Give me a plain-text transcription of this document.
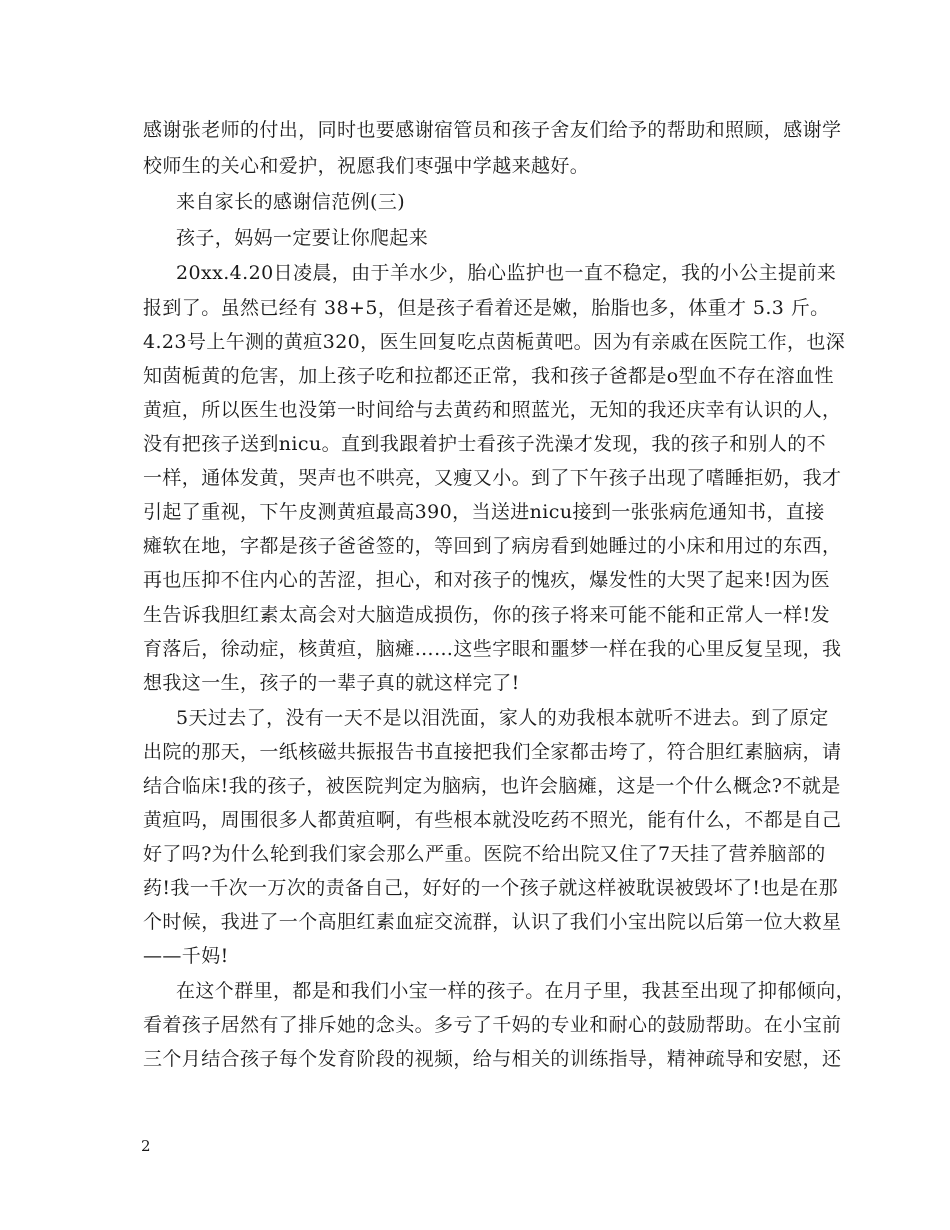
感谢张老师的付出，同时也要感谢宿管员和孩子舍友们给予的帮助和照顾，感谢学
校师生的关心和爱护，祝愿我们枣强中学越来越好。
来自家长的感谢信范例(三)
孩子，妈妈一定要让你爬起来
20xx.4.20日凌晨，由于羊水少，胎心监护也一直不稳定，我的小公主提前来
报到了。虽然已经有 38+5，但是孩子看着还是嫩，胎脂也多，体重才 5.3 斤。
4.23号上午测的黄疸320，医生回复吃点茵栀黄吧。因为有亲戚在医院工作，也深
知茵栀黄的危害，加上孩子吃和拉都还正常，我和孩子爸都是o型血不存在溶血性
黄疸，所以医生也没第一时间给与去黄药和照蓝光，无知的我还庆幸有认识的人，
没有把孩子送到nicu。直到我跟着护士看孩子洗澡才发现，我的孩子和别人的不
一样，通体发黄，哭声也不哄亮，又瘦又小。到了下午孩子出现了嗜睡拒奶，我才
引起了重视，下午皮测黄疸最高390，当送进nicu接到一张张病危通知书，直接
瘫软在地，字都是孩子爸爸签的，等回到了病房看到她睡过的小床和用过的东西，
再也压抑不住内心的苦涩，担心，和对孩子的愧疚，爆发性的大哭了起来!因为医
生告诉我胆红素太高会对大脑造成损伤，你的孩子将来可能不能和正常人一样!发
育落后，徐动症，核黄疸，脑瘫……这些字眼和噩梦一样在我的心里反复呈现，我
想我这一生，孩子的一辈子真的就这样完了!
5天过去了，没有一天不是以泪洗面，家人的劝我根本就听不进去。到了原定
出院的那天，一纸核磁共振报告书直接把我们全家都击垮了，符合胆红素脑病，请
结合临床!我的孩子，被医院判定为脑病，也许会脑瘫，这是一个什么概念?不就是
黄疸吗，周围很多人都黄疸啊，有些根本就没吃药不照光，能有什么，不都是自己
好了吗?为什么轮到我们家会那么严重。医院不给出院又住了7天挂了营养脑部的
药!我一千次一万次的责备自己，好好的一个孩子就这样被耽误被毁坏了!也是在那
个时候，我进了一个高胆红素血症交流群，认识了我们小宝出院以后第一位大救星
——千妈!
在这个群里，都是和我们小宝一样的孩子。在月子里，我甚至出现了抑郁倾向，
看着孩子居然有了排斥她的念头。多亏了千妈的专业和耐心的鼓励帮助。在小宝前
三个月结合孩子每个发育阶段的视频，给与相关的训练指导，精神疏导和安慰，还
2
